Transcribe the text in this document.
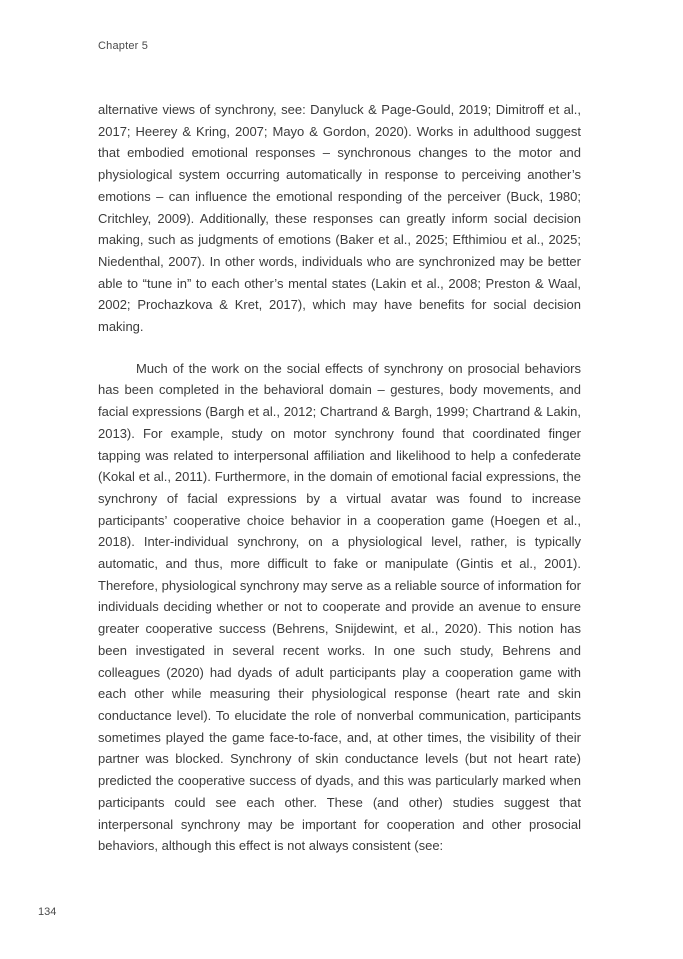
Chapter 5

alternative views of synchrony, see: Danyluck & Page-Gould, 2019; Dimitroff et al., 2017; Heerey & Kring, 2007; Mayo & Gordon, 2020). Works in adulthood suggest that embodied emotional responses – synchronous changes to the motor and physiological system occurring automatically in response to perceiving another’s emotions – can influence the emotional responding of the perceiver (Buck, 1980; Critchley, 2009). Additionally, these responses can greatly inform social decision making, such as judgments of emotions (Baker et al., 2025; Efthimiou et al., 2025; Niedenthal, 2007). In other words, individuals who are synchronized may be better able to “tune in” to each other’s mental states (Lakin et al., 2008; Preston & Waal, 2002; Prochazkova & Kret, 2017), which may have benefits for social decision making.

Much of the work on the social effects of synchrony on prosocial behaviors has been completed in the behavioral domain – gestures, body movements, and facial expressions (Bargh et al., 2012; Chartrand & Bargh, 1999; Chartrand & Lakin, 2013). For example, study on motor synchrony found that coordinated finger tapping was related to interpersonal affiliation and likelihood to help a confederate (Kokal et al., 2011). Furthermore, in the domain of emotional facial expressions, the synchrony of facial expressions by a virtual avatar was found to increase participants’ cooperative choice behavior in a cooperation game (Hoegen et al., 2018). Inter-individual synchrony, on a physiological level, rather, is typically automatic, and thus, more difficult to fake or manipulate (Gintis et al., 2001). Therefore, physiological synchrony may serve as a reliable source of information for individuals deciding whether or not to cooperate and provide an avenue to ensure greater cooperative success (Behrens, Snijdewint, et al., 2020). This notion has been investigated in several recent works. In one such study, Behrens and colleagues (2020) had dyads of adult participants play a cooperation game with each other while measuring their physiological response (heart rate and skin conductance level). To elucidate the role of nonverbal communication, participants sometimes played the game face-to-face, and, at other times, the visibility of their partner was blocked. Synchrony of skin conductance levels (but not heart rate) predicted the cooperative success of dyads, and this was particularly marked when participants could see each other. These (and other) studies suggest that interpersonal synchrony may be important for cooperation and other prosocial behaviors, although this effect is not always consistent (see:

134
